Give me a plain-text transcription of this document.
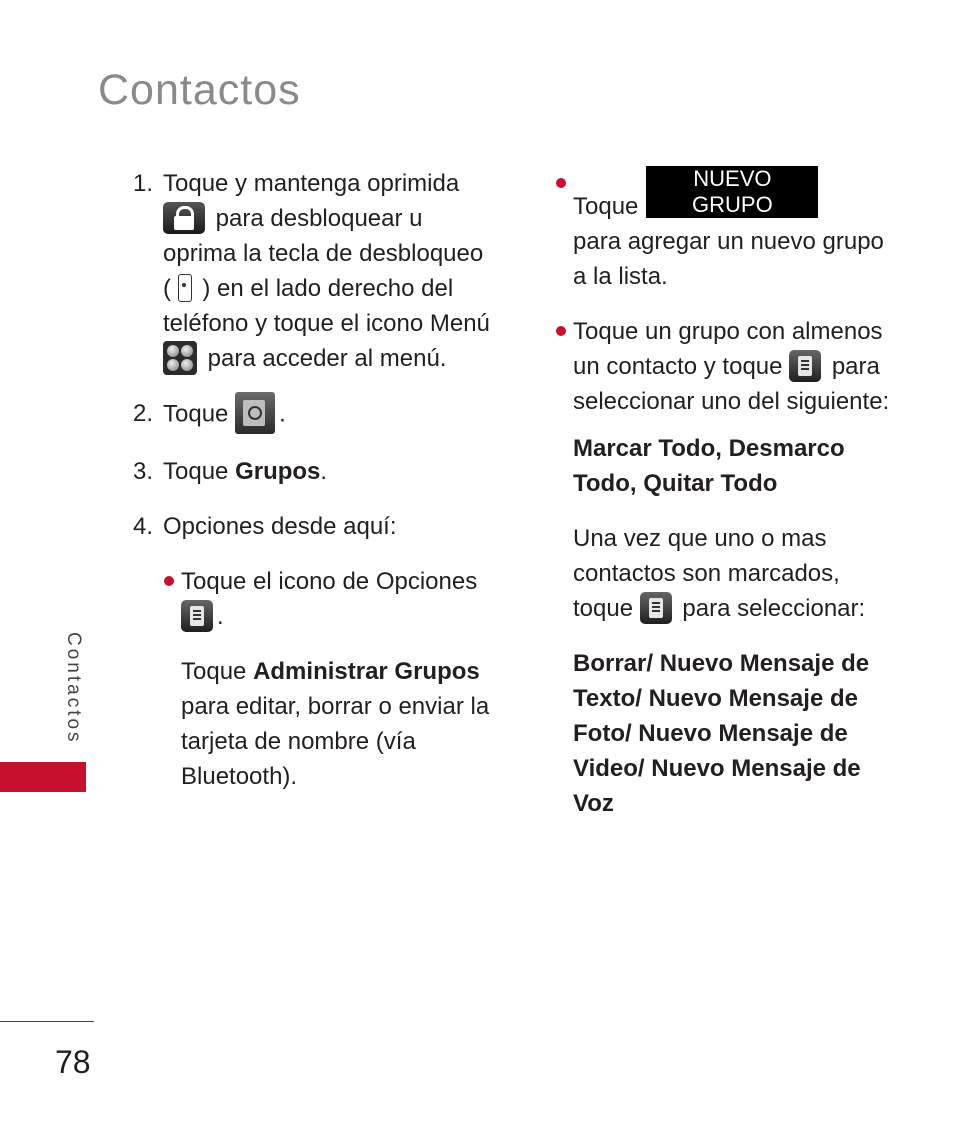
Contactos

1. Toque y mantenga oprimida
para desbloquear u oprima la tecla de desbloqueo
( ) en el lado derecho del teléfono y toque el icono Menú
para acceder al menú.

2. Toque .

3. Toque Grupos.

4. Opciones desde aquí:

Toque el icono de Opciones
.

Toque Administrar Grupos para editar, borrar o enviar la tarjeta de nombre (vía Bluetooth).

ToqueNUEVO GRUPO
para agregar un nuevo grupo a la lista.

Toque un grupo con almenos un contacto y toque para seleccionar uno del siguiente:

Marcar Todo, Desmarco Todo, Quitar Todo

Una vez que uno o mas contactos son marcados, toque para seleccionar:

Borrar/ Nuevo Mensaje de Texto/ Nuevo Mensaje de Foto/ Nuevo Mensaje de Video/ Nuevo Mensaje de Voz

Contactos
78
